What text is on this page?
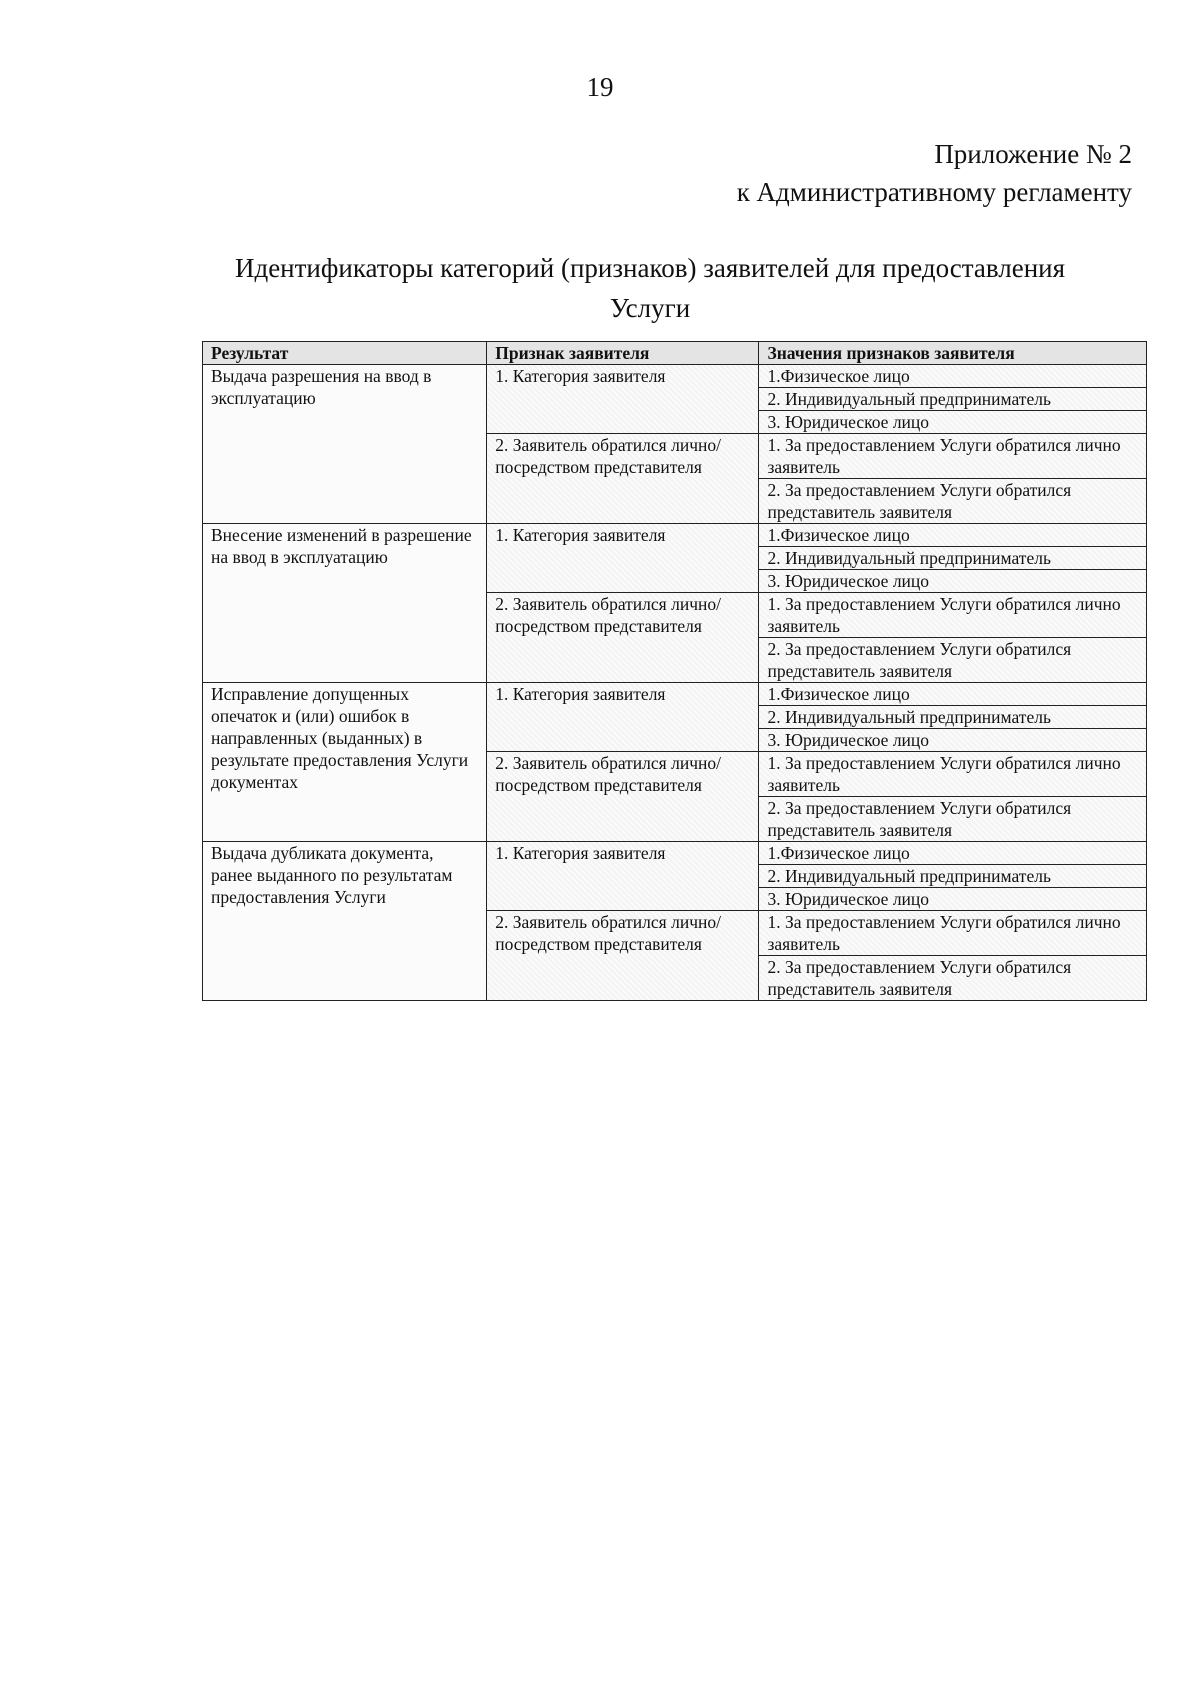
19
Приложение № 2
к Административному регламенту
Идентификаторы категорий (признаков) заявителей для предоставления
Услуги
Результат	Признак заявителя	Значения признаков заявителя
Выдача разрешения на ввод в эксплуатацию	1. Категория заявителя	1.Физическое лицо
		2. Индивидуальный предприниматель
		3. Юридическое лицо
	2. Заявитель обратился лично/посредством представителя	1. За предоставлением Услуги обратился лично заявитель
		2. За предоставлением Услуги обратился представитель заявителя
Внесение изменений в разрешение на ввод в эксплуатацию	1. Категория заявителя	1.Физическое лицо
		2. Индивидуальный предприниматель
		3. Юридическое лицо
	2. Заявитель обратился лично/посредством представителя	1. За предоставлением Услуги обратился лично заявитель
		2. За предоставлением Услуги обратился представитель заявителя
Исправление допущенных опечаток и (или) ошибок в направленных (выданных) в результате предоставления Услуги документах	1. Категория заявителя	1.Физическое лицо
		2. Индивидуальный предприниматель
		3. Юридическое лицо
	2. Заявитель обратился лично/посредством представителя	1. За предоставлением Услуги обратился лично заявитель
		2. За предоставлением Услуги обратился представитель заявителя
Выдача дубликата документа, ранее выданного по результатам предоставления Услуги	1. Категория заявителя	1.Физическое лицо
		2. Индивидуальный предприниматель
		3. Юридическое лицо
	2. Заявитель обратился лично/посредством представителя	1. За предоставлением Услуги обратился лично заявитель
		2. За предоставлением Услуги обратился представитель заявителя
